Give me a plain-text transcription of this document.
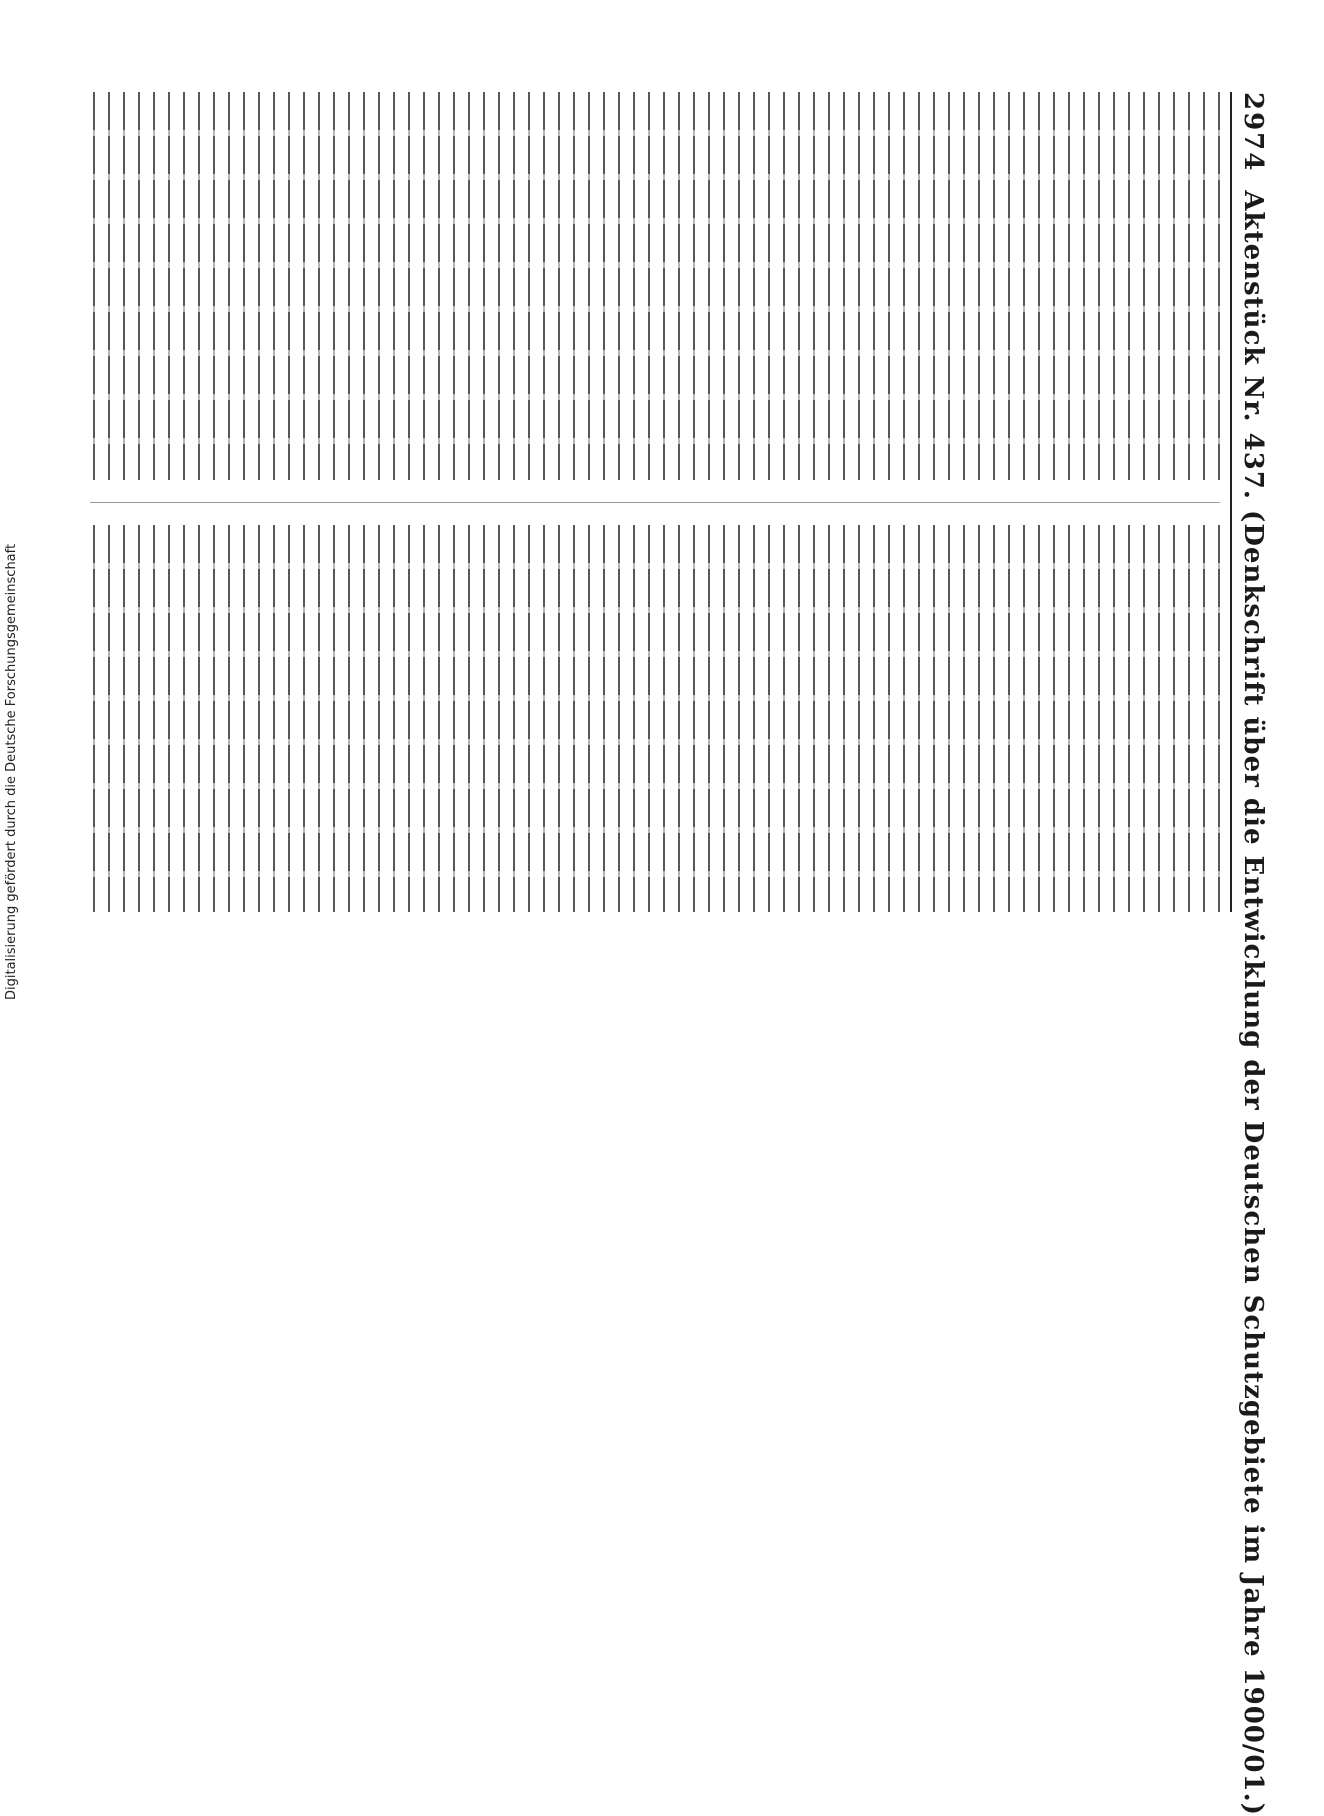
Digitalisierung gefördert durch die Deutsche Forschungsgemeinschaft
2974
Aktenstück Nr. 437. (Denkschrift über die Entwicklung der Deutschen Schutzgebiete im Jahre 1900/01.)
